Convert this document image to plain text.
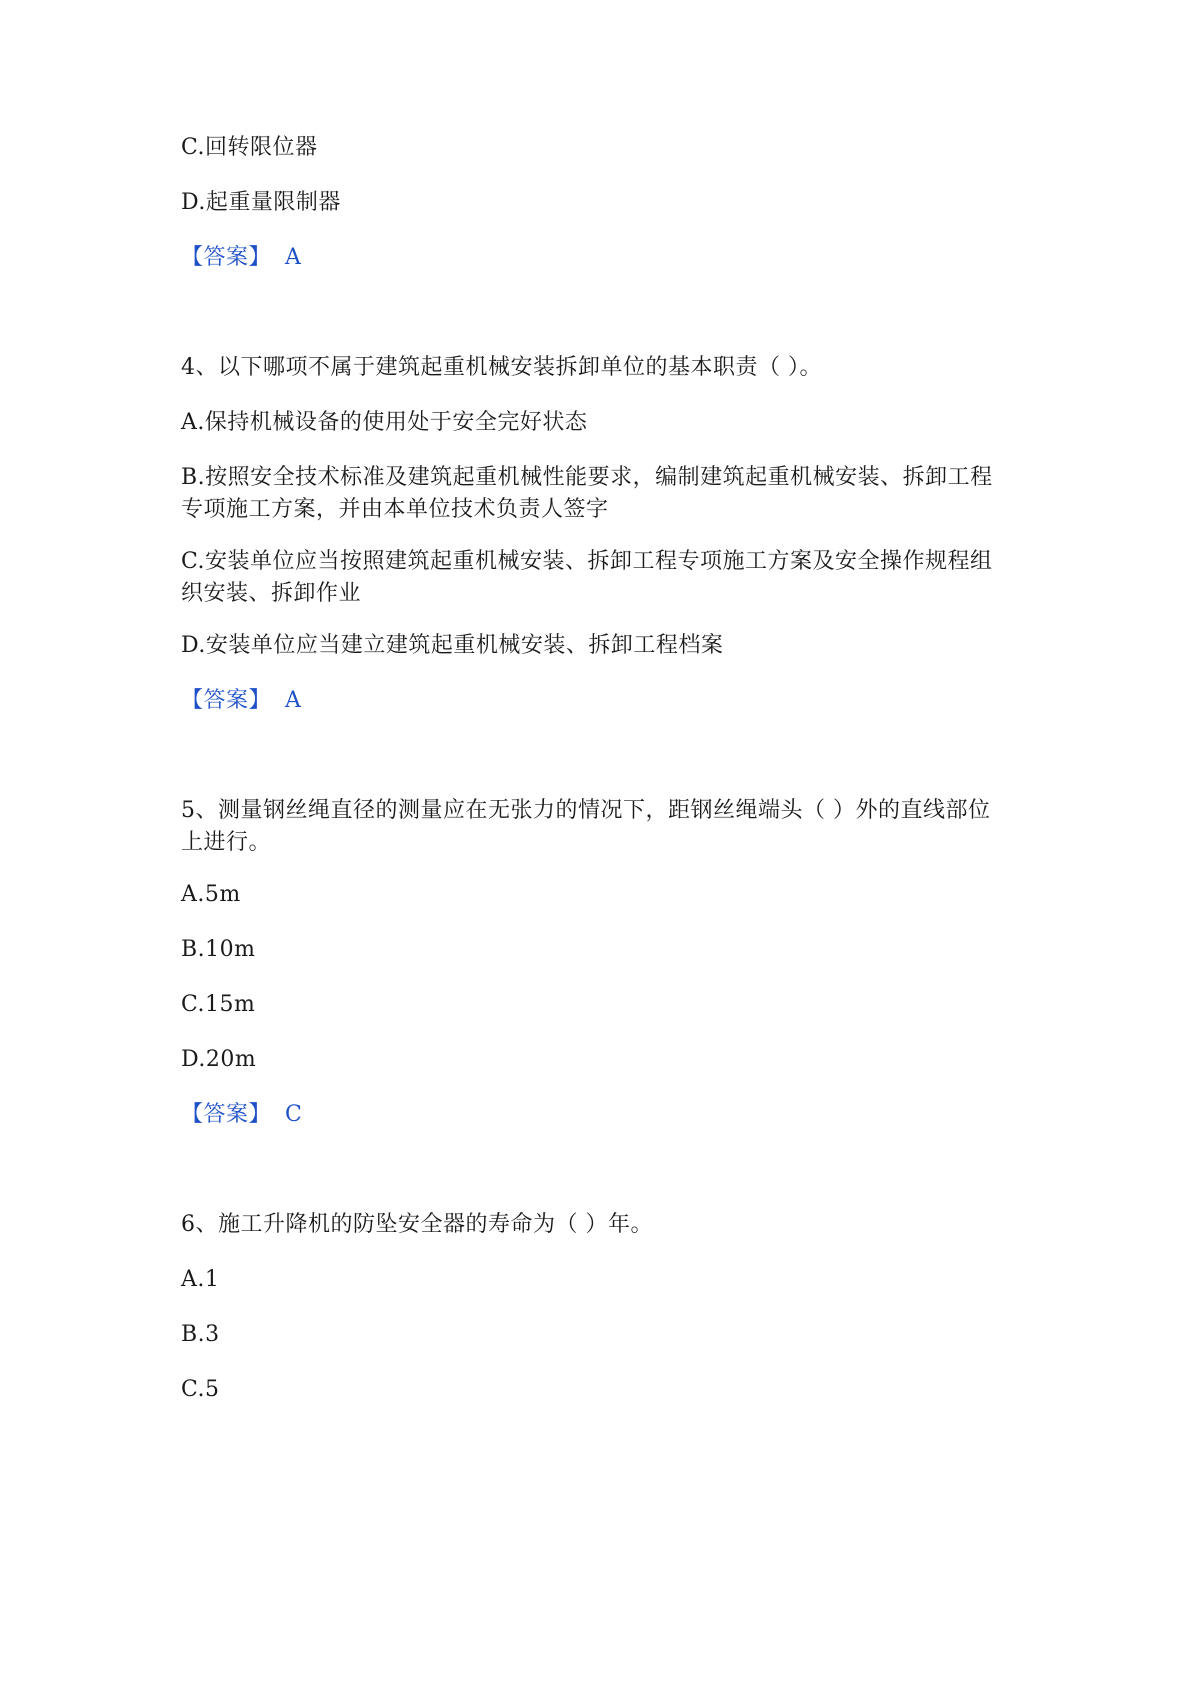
C.回转限位器
D.起重量限制器
【答案】 A
4、以下哪项不属于建筑起重机械安装拆卸单位的基本职责（ ）。
A.保持机械设备的使用处于安全完好状态
B.按照安全技术标准及建筑起重机械性能要求，编制建筑起重机械安装、拆卸工程专项施工方案，并由本单位技术负责人签字
C.安装单位应当按照建筑起重机械安装、拆卸工程专项施工方案及安全操作规程组织安装、拆卸作业
D.安装单位应当建立建筑起重机械安装、拆卸工程档案
【答案】 A
5、测量钢丝绳直径的测量应在无张力的情况下，距钢丝绳端头（ ）外的直线部位上进行。
A.5m
B.10m
C.15m
D.20m
【答案】 C
6、施工升降机的防坠安全器的寿命为（ ）年。
A.1
B.3
C.5
